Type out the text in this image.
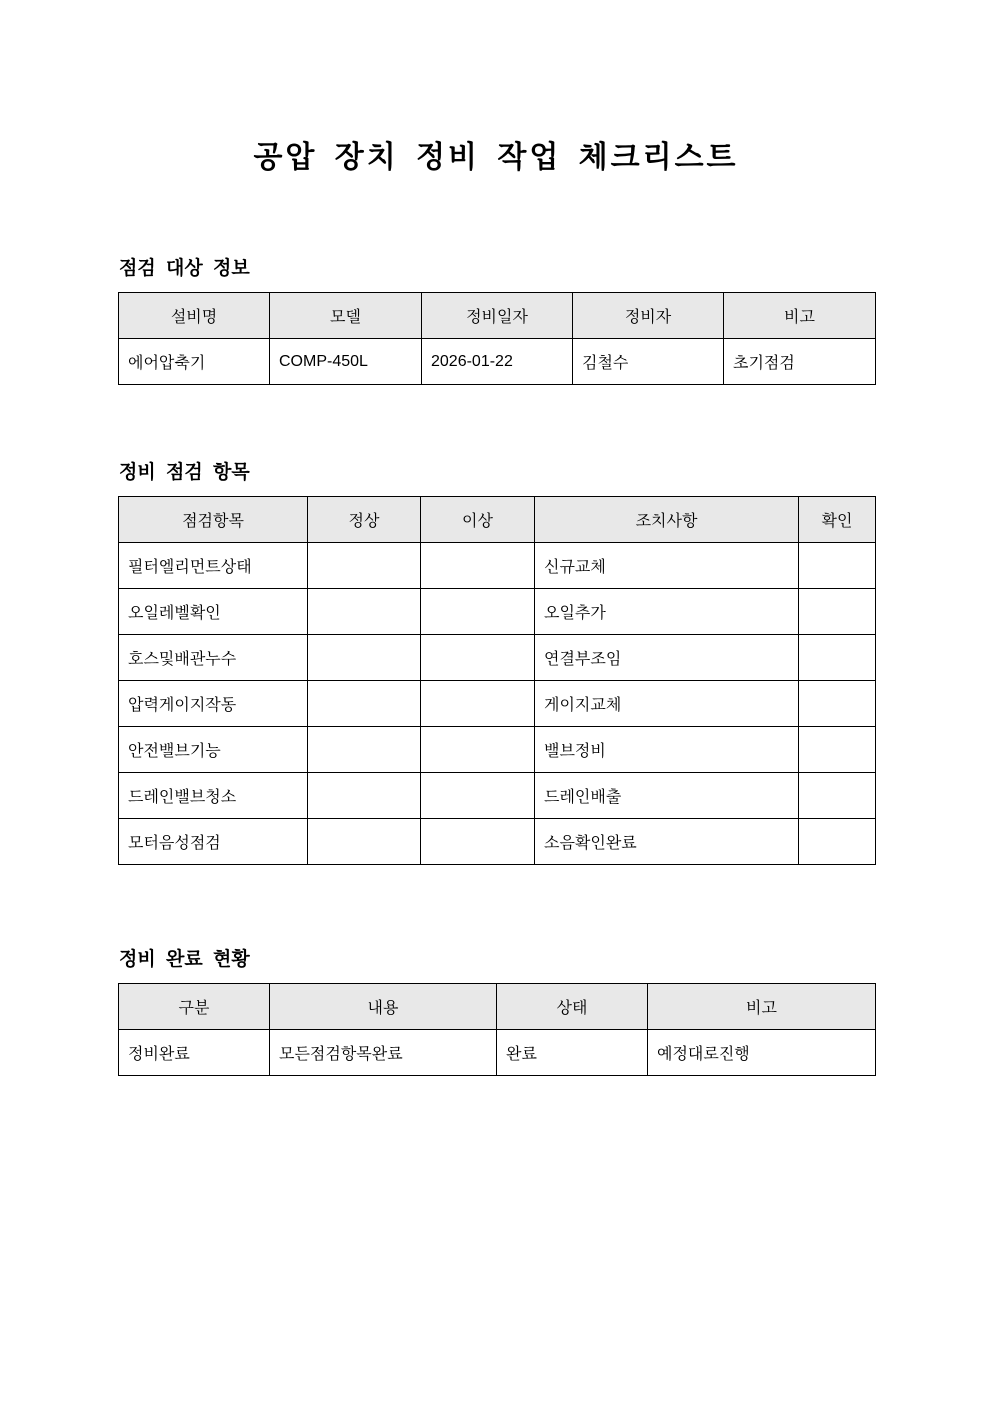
공압 장치 정비 작업 체크리스트
점검 대상 정보
설비명	모델	정비일자	정비자	비고
에어압축기	COMP-450L	2026-01-22	김철수	초기점검
정비 점검 항목
점검항목	정상	이상	조치사항	확인
필터엘리먼트상태			신규교체	
오일레벨확인			오일추가	
호스및배관누수			연결부조임	
압력게이지작동			게이지교체	
안전밸브기능			밸브정비	
드레인밸브청소			드레인배출	
모터음성점검			소음확인완료	
정비 완료 현황
구분	내용	상태	비고
정비완료	모든점검항목완료	완료	예정대로진행
